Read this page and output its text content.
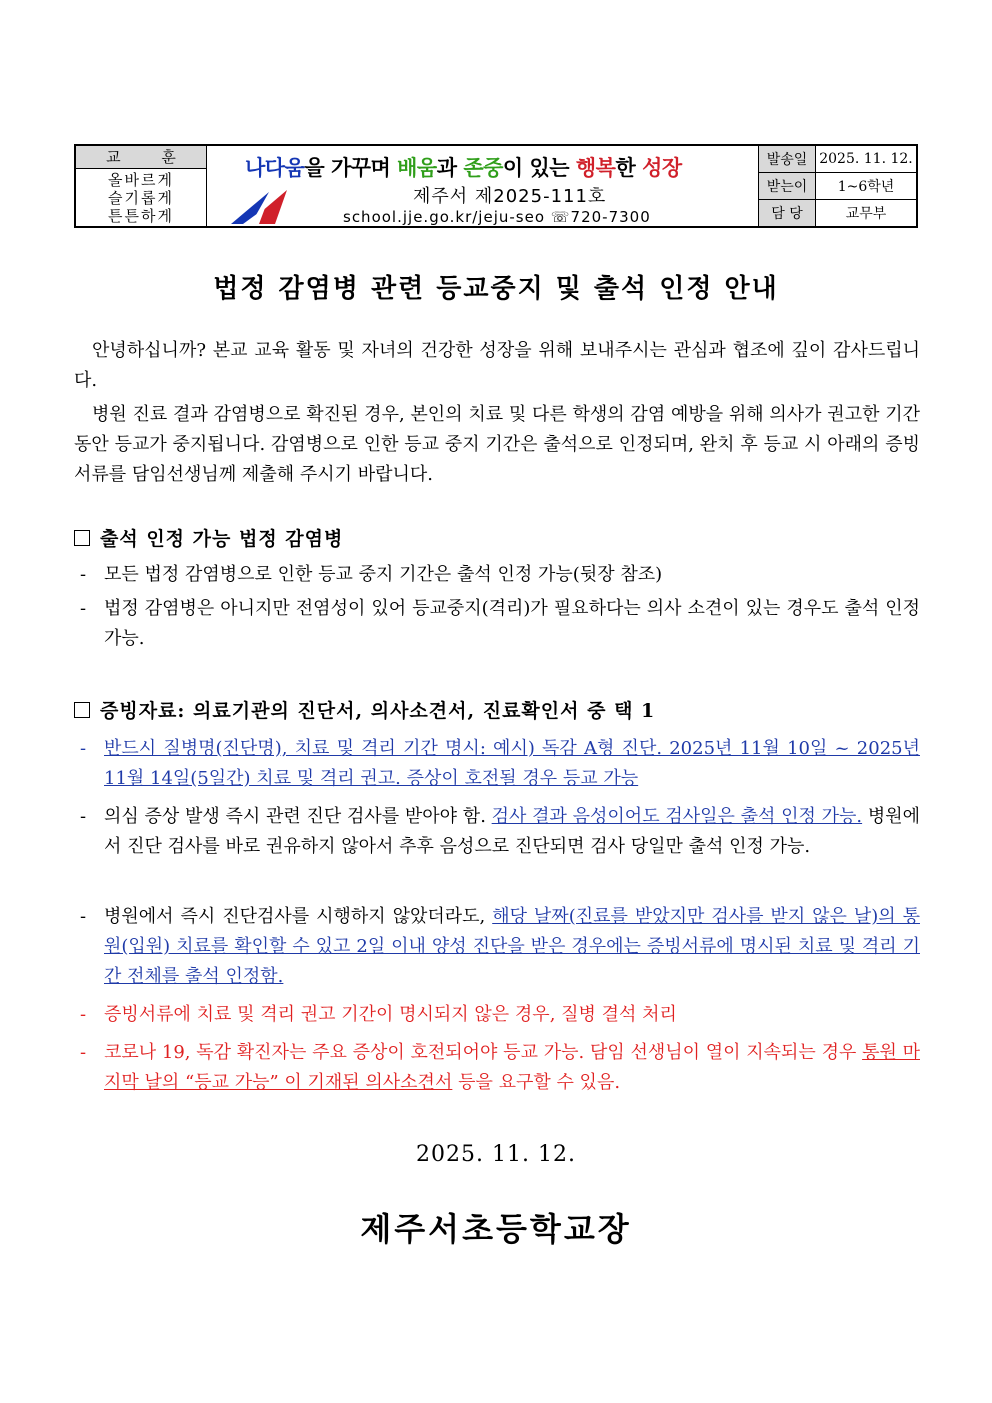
교 훈
올바르게
슬기롭게
튼튼하게
나다움을 가꾸며 배움과 존중이 있는 행복한 성장
제주서 제2025-111호
school.jje.go.kr/jeju-seo ☏720-7300
발송일 2025. 11. 12.
받는이	1~6학년
담 당	교무부
법정 감염병 관련 등교중지 및 출석 인정 안내
안녕하십니까? 본교 교육 활동 및 자녀의 건강한 성장을 위해 보내주시는 관심과 협조에 깊이 감사드립니다.
병원 진료 결과 감염병으로 확진된 경우, 본인의 치료 및 다른 학생의 감염 예방을 위해 의사가 권고한 기간 동안 등교가 중지됩니다. 감염병으로 인한 등교 중지 기간은 출석으로 인정되며, 완치 후 등교 시 아래의 증빙서류를 담임선생님께 제출해 주시기 바랍니다.
출석 인정 가능 법정 감염병
- 모든 법정 감염병으로 인한 등교 중지 기간은 출석 인정 가능(뒷장 참조)
- 법정 감염병은 아니지만 전염성이 있어 등교중지(격리)가 필요하다는 의사 소견이 있는 경우도 출석 인정 가능.
증빙자료: 의료기관의 진단서, 의사소견서, 진료확인서 중 택 1
- 반드시 질병명(진단명), 치료 및 격리 기간 명시: 예시) 독감 A형 진단. 2025년 11월 10일 ~ 2025년 11월 14일(5일간) 치료 및 격리 권고. 증상이 호전될 경우 등교 가능
- 의심 증상 발생 즉시 관련 진단 검사를 받아야 함. 검사 결과 음성이어도 검사일은 출석 인정 가능. 병원에서 진단 검사를 바로 권유하지 않아서 추후 음성으로 진단되면 검사 당일만 출석 인정 가능.
- 병원에서 즉시 진단검사를 시행하지 않았더라도, 해당 날짜(진료를 받았지만 검사를 받지 않은 날)의 통원(입원) 치료를 확인할 수 있고 2일 이내 양성 진단을 받은 경우에는 증빙서류에 명시된 치료 및 격리 기간 전체를 출석 인정함.
- 증빙서류에 치료 및 격리 권고 기간이 명시되지 않은 경우, 질병 결석 처리
- 코로나 19, 독감 확진자는 주요 증상이 호전되어야 등교 가능. 담임 선생님이 열이 지속되는 경우 통원 마지막 날의 “등교 가능” 이 기재된 의사소견서 등을 요구할 수 있음.
2025. 11. 12.
제주서초등학교장
